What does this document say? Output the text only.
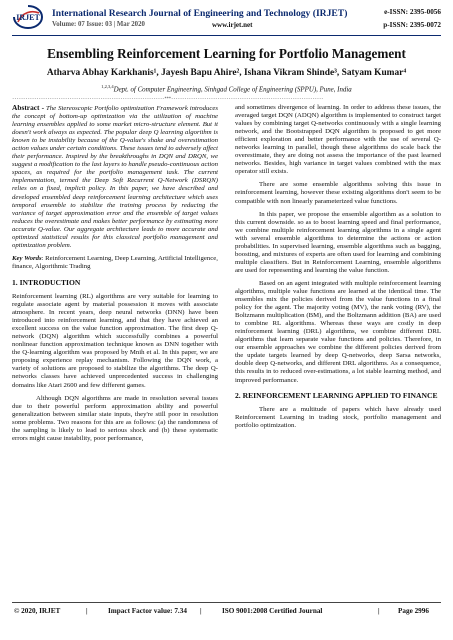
IRJET International Research Journal of Engineering and Technology (IRJET)
Volume: 07 Issue: 03 | Mar 2020	www.irjet.net
e-ISSN: 2395-0056
p-ISSN: 2395-0072
Ensembling Reinforcement Learning for Portfolio Management
Atharva Abhay Karkhanis¹, Jayesh Bapu Ahire², Ishana Vikram Shinde³, Satyam Kumar⁴
$^{1,2,3,4}$Dept. of Computer Engineering, Sinhgad College of Engineering (SPPU), Pune, India
---------------------------------------------------------------------***---------------------------------------------------------------------

Abstract - The Stereoscopic Portfolio optimization Framework introduces the concept of bottom-up optimization via the utilization of machine learning ensembles applied to some market micro-structure element. But it doesn't work always as expected. The popular deep Q learning algorithm is known to be instability because of the Q-value's shake and overestimation action values under certain conditions. These issues tend to adversely affect their performance. Inspired by the breakthroughs in DQN and DRQN, we suggest a modification to the last layers to handle pseudo-continuous action spaces, as required for the portfolio management task. The current implementation, termed the Deep Soft Recurrent Q-Network (DSRQN) relies on a fixed, implicit policy. In this paper, we have described and developed ensembled deep reinforcement learning architecture which uses temporal ensemble to stabilize the training process by reducing the variance of target approximation error and the ensemble of target values reduces the overestimate and makes better performance by estimating more accurate Q-value. Our aggregate architecture leads to more accurate and optimized statistical results for this classical portfolio management and optimization problem.

Key Words: Reinforcement Learning, Deep Learning, Artificial Intelligence, finance, Algorithmic Trading

1. INTRODUCTION

Reinforcement learning (RL) algorithms are very suitable for learning to regulate associate agent by material possession it moves with associate atmosphere. In recent years, deep neural networks (DNN) have been introduced into reinforcement learning, and that they have achieved an excellent success on the value function approximation. The first deep Q-network (DQN) algorithm which successfully combines a powerful nonlinear function approximation technique known as DNN together with the Q-learning algorithm was proposed by Mnih et al. In this paper, we are proposing experience replay mechanism. Following the DQN work, a variety of solutions are proposed to stabilize the algorithms. The deep Q-networks classes have achieved unprecedented success in challenging domains like Atari 2600 and few different games.

Although DQN algorithms are made in resolution several issues due to their powerful perform approximation ability and powerful generalization between similar state inputs, they're still poor in resolution some problems. Two reasons for this are as follows: (a) the randomness of the sampling is likely to lead to serious shock and (b) these systematic errors might cause instability, poor performance,

and sometimes divergence of learning. In order to address these issues, the averaged target DQN (ADQN) algorithm is implemented to construct target values by combining target Q-networks continuously with a single learning network, and the Bootstrapped DQN algorithm is proposed to get more efficient exploration and better performance with the use of several Q-networks learning in parallel, though these algorithms do scale back the overestimate, they are doing not assess the importance of the past learned networks. Besides, high variance in target values combined with the max operator still exists.

There are some ensemble algorithms solving this issue in reinforcement learning, however these existing algorithms don't seem to be compatible with non linearly parameterized value functions.

In this paper, we propose the ensemble algorithm as a solution to this current downside. so as to boost learning speed and final performance, we combine multiple reinforcement learning algorithms in a single agent with several ensemble algorithms to determine the actions or action probabilities. In supervised learning, ensemble algorithms such as bagging, boosting, and mixtures of experts are often used for learning and combining multiple classifiers. But in Reinforcement Learning, ensemble algorithms are used for representing and learning the value function.

Based on an agent integrated with multiple reinforcement learning algorithms, multiple value functions are learned at the identical time. The ensembles mix the policies derived from the value functions in a final policy for the agent. The majority voting (MV), the rank voting (RV), the Boltzmann multiplication (BM), and the Boltzmann addition (BA) are used to combine RL algorithms. Whereas these ways are costly in deep reinforcement learning (DRL) algorithms, we combine different DRL algorithms that learn separate value functions and policies. Therefore, in our ensemble approaches we combine the different policies derived from the update targets learned by deep Q-networks, deep Sarsa networks, double deep Q-networks, and different DRL algorithms. As a consequence, this results in to reduced over-estimations, a lot stable learning method, and improved performance.

2. REINFORCEMENT LEARNING APPLIED TO FINANCE

There are a multitude of papers which have already used Reinforcement Learning in trading stock, portfolio management and portfolio optimization.

© 2020, IRJET	|	Impact Factor value: 7.34 |	ISO 9001:2008 Certified Journal	|	Page 2996
